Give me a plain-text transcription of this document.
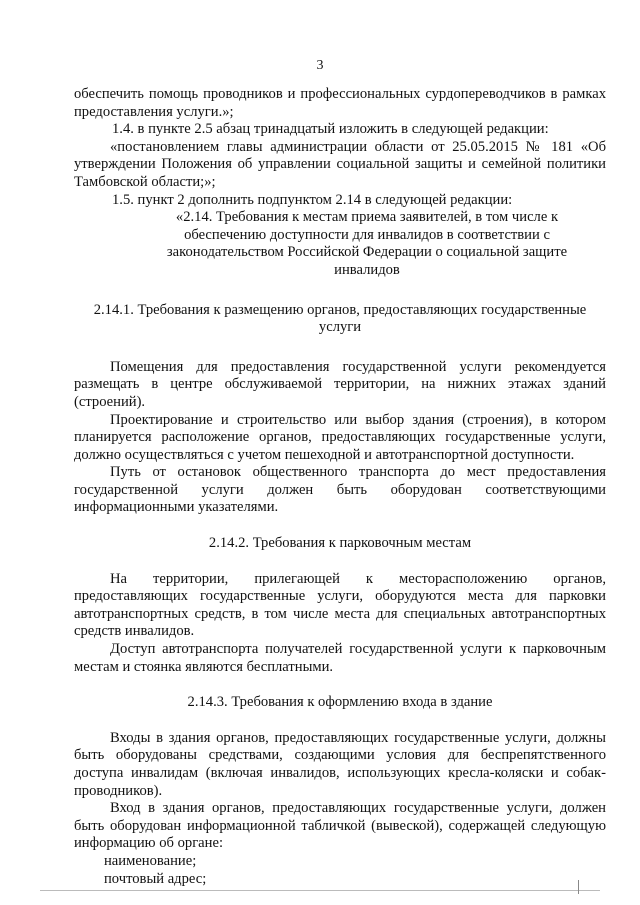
3

обеспечить помощь проводников и профессиональных сурдопереводчиков в рамках предоставления услуги.»;

1.4. в пункте 2.5 абзац тринадцатый изложить в следующей редакции:

«постановлением главы администрации области от 25.05.2015 № 181 «Об утверждении Положения об управлении социальной защиты и семейной политики Тамбовской области;»;

1.5. пункт 2 дополнить подпунктом 2.14 в следующей редакции:

«2.14. Требования к местам приема заявителей, в том числе к обеспечению доступности для инвалидов в соответствии с законодательством Российской Федерации о социальной защите инвалидов

2.14.1. Требования к размещению органов, предоставляющих государственные услуги

Помещения для предоставления государственной услуги рекомендуется размещать в центре обслуживаемой территории, на нижних этажах зданий (строений).

Проектирование и строительство или выбор здания (строения), в котором планируется расположение органов, предоставляющих государственные услуги, должно осуществляться с учетом пешеходной и автотранспортной доступности.

Путь от остановок общественного транспорта до мест предоставления государственной услуги должен быть оборудован соответствующими информационными указателями.

2.14.2. Требования к парковочным местам

На территории, прилегающей к месторасположению органов, предоставляющих государственные услуги, оборудуются места для парковки автотранспортных средств, в том числе места для специальных автотранспортных средств инвалидов.

Доступ автотранспорта получателей государственной услуги к парковочным местам и стоянка являются бесплатными.

2.14.3. Требования к оформлению входа в здание

Входы в здания органов, предоставляющих государственные услуги, должны быть оборудованы средствами, создающими условия для беспрепятственного доступа инвалидам (включая инвалидов, использующих кресла-коляски и собак-проводников).

Вход в здания органов, предоставляющих государственные услуги, должен быть оборудован информационной табличкой (вывеской), содержащей следующую информацию об органе:

наименование;

почтовый адрес;
